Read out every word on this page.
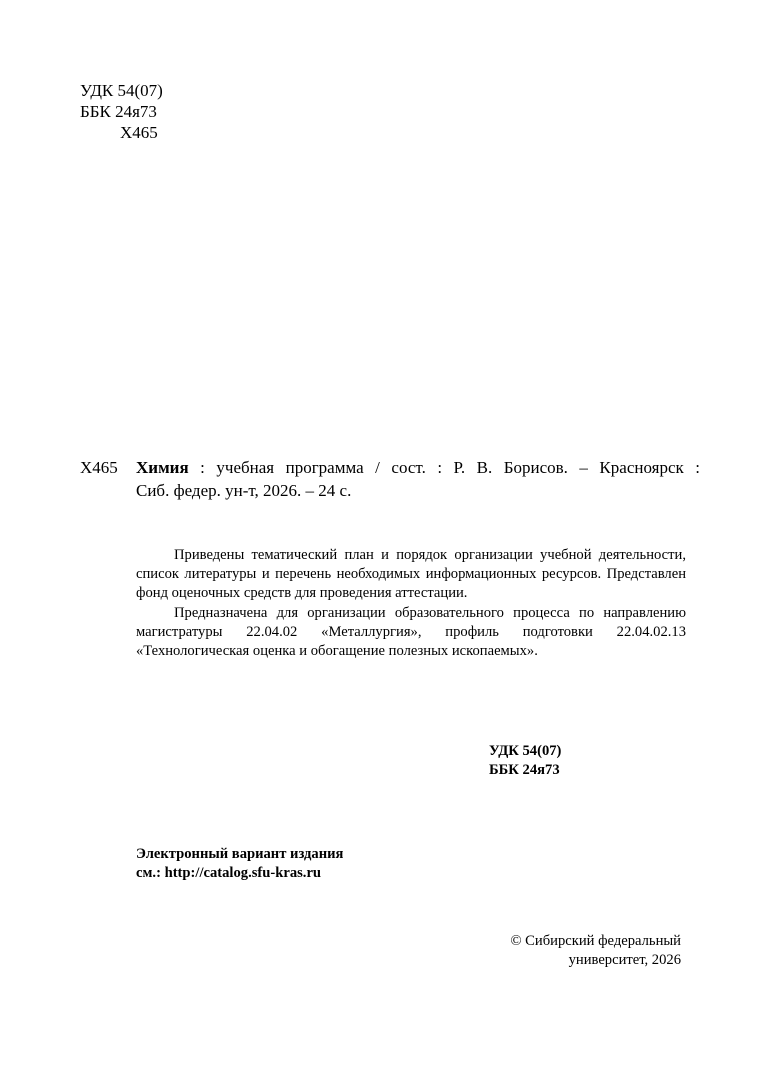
УДК 54(07)
ББК 24я73
Х465
Х465	Химия : учебная программа / сост. : Р. В. Борисов. – Красноярск :
Сиб. федер. ун-т, 2026. – 24 с.

Приведены тематический план и порядок организации учебной деятельности, список литературы и перечень необходимых информационных ресурсов. Представлен фонд оценочных средств для проведения аттестации.

Предназначена для организации образовательного процесса по направлению магистратуры 22.04.02 «Металлургия», профиль подготовки 22.04.02.13 «Технологическая оценка и обогащение полезных ископаемых».

УДК 54(07)
ББК 24я73
Электронный вариант издания
см.: http://catalog.sfu-kras.ru
© Сибирский федеральный
университет, 2026
